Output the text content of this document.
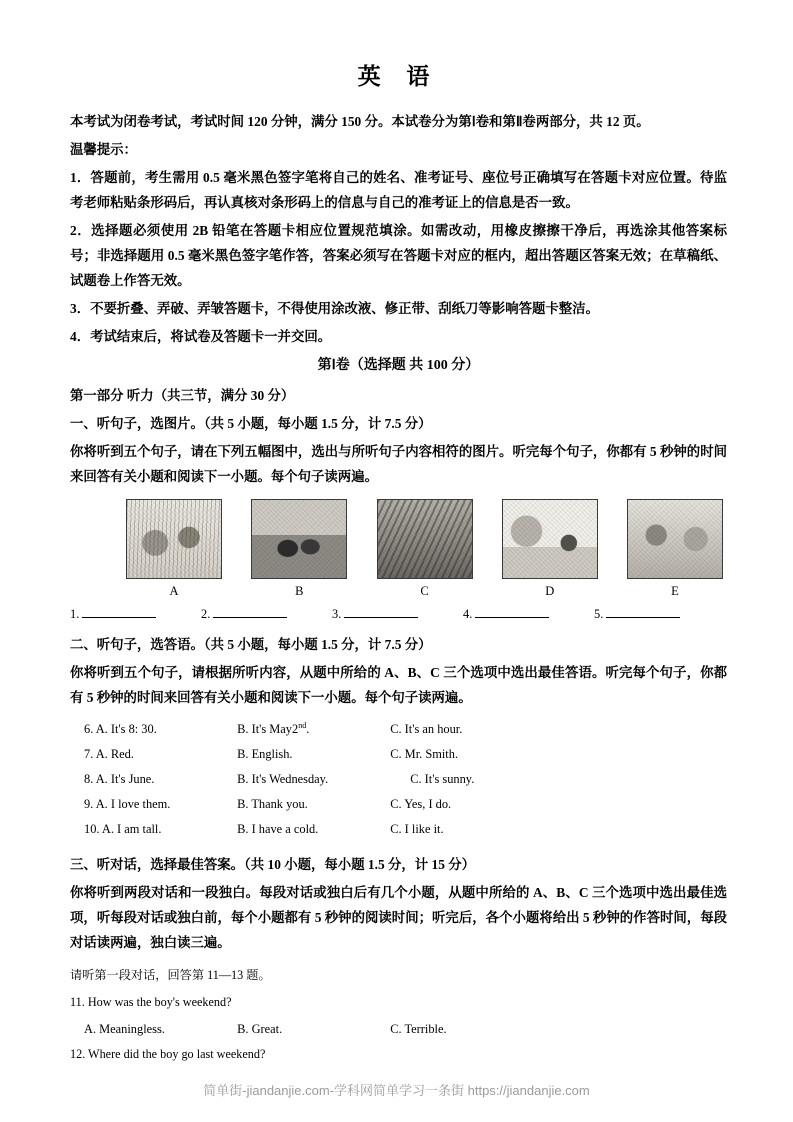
英 语

本考试为闭卷考试，考试时间 120 分钟，满分 150 分。本试卷分为第Ⅰ卷和第Ⅱ卷两部分，共 12 页。

温馨提示：

1．答题前，考生需用 0.5 毫米黑色签字笔将自己的姓名、准考证号、座位号正确填写在答题卡对应位置。待监考老师粘贴条形码后，再认真核对条形码上的信息与自己的准考证上的信息是否一致。

2．选择题必须使用 2B 铅笔在答题卡相应位置规范填涂。如需改动，用橡皮擦擦干净后，再选涂其他答案标号；非选择题用 0.5 毫米黑色签字笔作答，答案必须写在答题卡对应的框内，超出答题区答案无效；在草稿纸、试题卷上作答无效。

3．不要折叠、弄破、弄皱答题卡，不得使用涂改液、修正带、刮纸刀等影响答题卡整洁。

4．考试结束后，将试卷及答题卡一并交回。

第Ⅰ卷（选择题 共 100 分）

第一部分 听力（共三节，满分 30 分）

一、听句子，选图片。（共 5 小题，每小题 1.5 分，计 7.5 分）

你将听到五个句子，请在下列五幅图中，选出与所听句子内容相符的图片。听完每个句子，你都有 5 秒钟的时间来回答有关小题和阅读下一小题。每个句子读两遍。

A	B	C	D	E
1.	2.	3.	4.	5.

二、听句子，选答语。（共 5 小题，每小题 1.5 分，计 7.5 分）

你将听到五个句子，请根据所听内容，从题中所给的 A、B、C 三个选项中选出最佳答语。听完每个句子，你都有 5 秒钟的时间来回答有关小题和阅读下一小题。每个句子读两遍。

6. A. It's 8: 30.	B. It's May2nd.	C. It's an hour.
7. A. Red.	B. English.	C. Mr. Smith.
8. A. It's June.	B. It's Wednesday.	C. It's sunny.
9. A. I love them.	B. Thank you.	C. Yes, I do.
10. A. I am tall.	B. I have a cold.	C. I like it.

三、听对话，选择最佳答案。（共 10 小题，每小题 1.5 分，计 15 分）

你将听到两段对话和一段独白。每段对话或独白后有几个小题，从题中所给的 A、B、C 三个选项中选出最佳选项，听每段对话或独白前，每个小题都有 5 秒钟的阅读时间；听完后，各个小题将给出 5 秒钟的作答时间，每段对话读两遍，独白读三遍。

请听第一段对话，回答第 11—13 题。

11. How was the boy's weekend?

A. Meaningless.	B. Great.	C. Terrible.

12. Where did the boy go last weekend?

简单街-jiandanjie.com-学科网简单学习一条街 https://jiandanjie.com
